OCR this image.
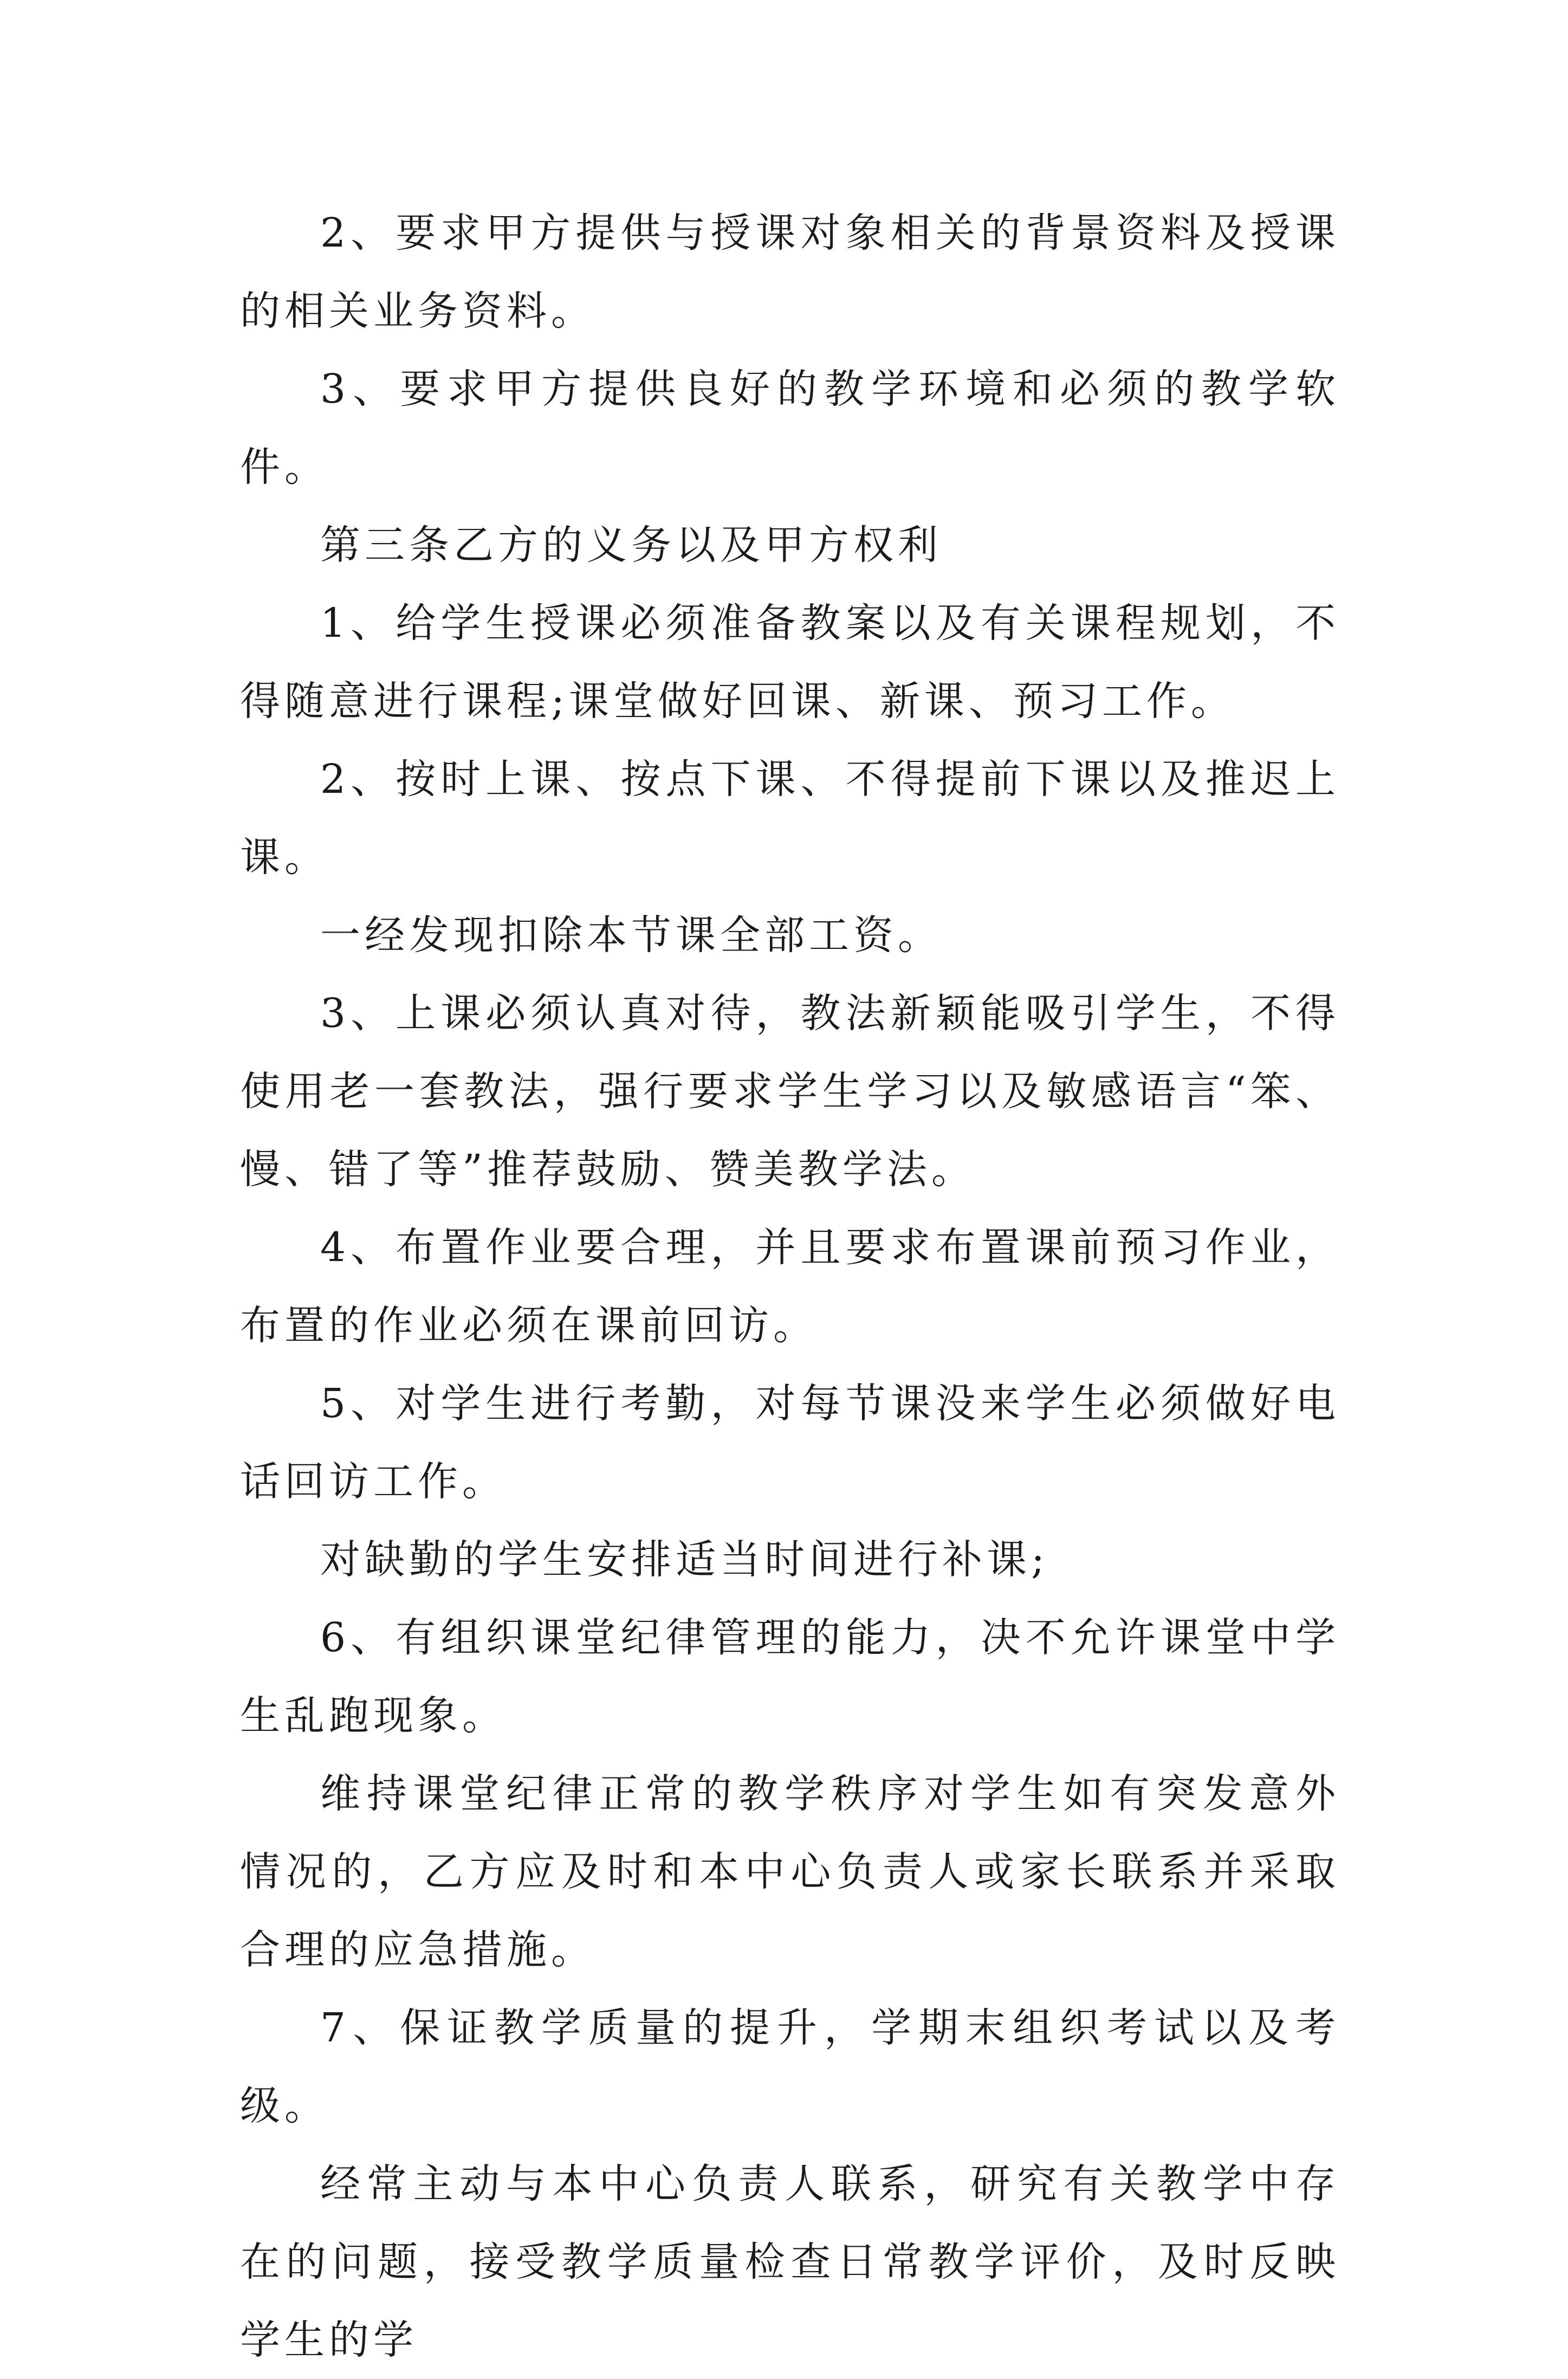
2、要求甲方提供与授课对象相关的背景资料及授课的相关业务资料。

3、要求甲方提供良好的教学环境和必须的教学软件。

第三条乙方的义务以及甲方权利

1、给学生授课必须准备教案以及有关课程规划，不得随意进行课程;课堂做好回课、新课、预习工作。

2、按时上课、按点下课、不得提前下课以及推迟上课。

一经发现扣除本节课全部工资。

3、上课必须认真对待，教法新颖能吸引学生，不得使用老一套教法，强行要求学生学习以及敏感语言“笨、慢、错了等”推荐鼓励、赞美教学法。

4、布置作业要合理，并且要求布置课前预习作业，布置的作业必须在课前回访。

5、对学生进行考勤，对每节课没来学生必须做好电话回访工作。

对缺勤的学生安排适当时间进行补课;

6、有组织课堂纪律管理的能力，决不允许课堂中学生乱跑现象。

维持课堂纪律正常的教学秩序对学生如有突发意外情况的，乙方应及时和本中心负责人或家长联系并采取合理的应急措施。

7、保证教学质量的提升，学期末组织考试以及考级。

经常主动与本中心负责人联系，研究有关教学中存在的问题，接受教学质量检查日常教学评价，及时反映学生的学
